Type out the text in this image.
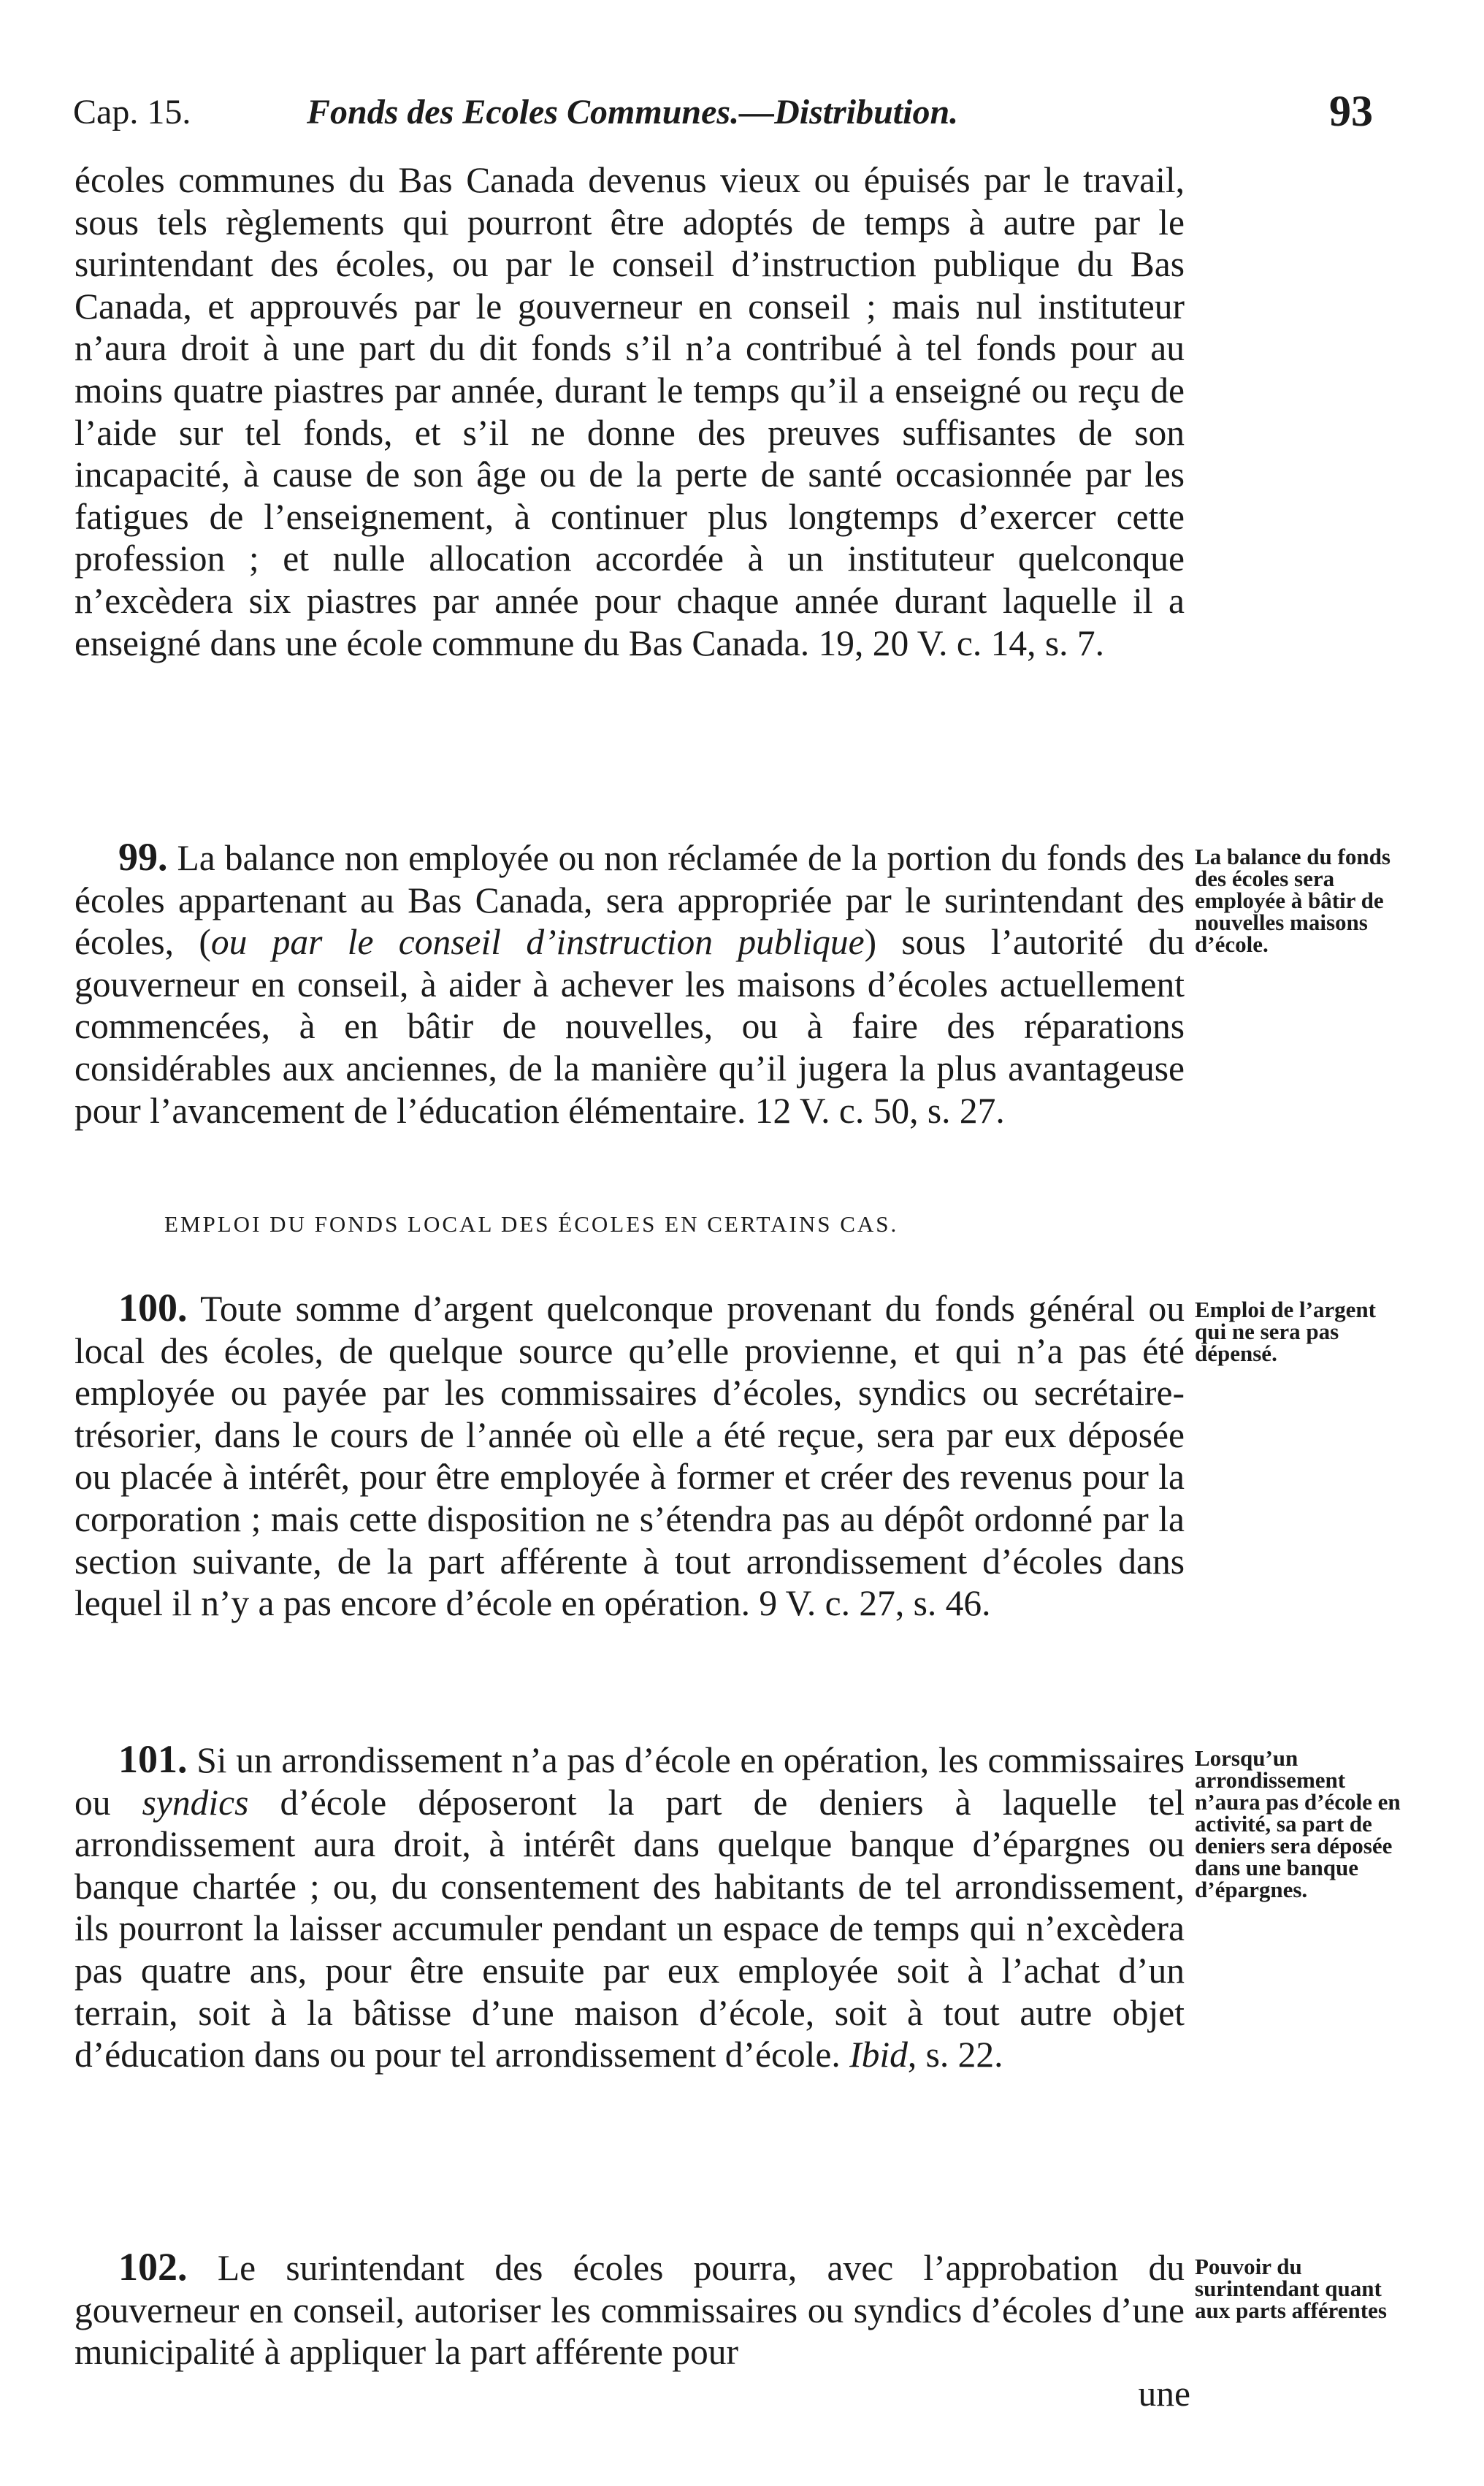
Cap. 15.	Fonds des Ecoles Communes.—Distribution.	93

écoles communes du Bas Canada devenus vieux ou épuisés par le travail, sous tels règlements qui pourront être adoptés de temps à autre par le surintendant des écoles, ou par le conseil d’instruction publique du Bas Canada, et approuvés par le gouverneur en conseil ; mais nul instituteur n’aura droit à une part du dit fonds s’il n’a contribué à tel fonds pour au moins quatre piastres par année, durant le temps qu’il a enseigné ou reçu de l’aide sur tel fonds, et s’il ne donne des preuves suffisantes de son incapacité, à cause de son âge ou de la perte de santé occasionnée par les fatigues de l’enseignement, à continuer plus longtemps d’exercer cette profession ; et nulle allocation accordée à un instituteur quelconque n’excèdera six piastres par année pour chaque année durant laquelle il a enseigné dans une école commune du Bas Canada. 19, 20 V. c. 14, s. 7.

99. La balance non employée ou non réclamée de la portion du fonds des écoles appartenant au Bas Canada, sera appropriée par le surintendant des écoles, (ou par le conseil d’instruction publique) sous l’autorité du gouverneur en conseil, à aider à achever les maisons d’écoles actuellement commencées, à en bâtir de nouvelles, ou à faire des réparations considérables aux anciennes, de la manière qu’il jugera la plus avantageuse pour l’avancement de l’éducation élémentaire. 12 V. c. 50, s. 27.

La balance du fonds des écoles sera employée à bâtir de nouvelles maisons d’école.
EMPLOI DU FONDS LOCAL DES ÉCOLES EN CERTAINS CAS.

100. Toute somme d’argent quelconque provenant du fonds général ou local des écoles, de quelque source qu’elle provienne, et qui n’a pas été employée ou payée par les commissaires d’écoles, syndics ou secrétaire-trésorier, dans le cours de l’année où elle a été reçue, sera par eux déposée ou placée à intérêt, pour être employée à former et créer des revenus pour la corporation ; mais cette disposition ne s’étendra pas au dépôt ordonné par la section suivante, de la part afférente à tout arrondissement d’écoles dans lequel il n’y a pas encore d’école en opération. 9 V. c. 27, s. 46.

Emploi de l’argent qui ne sera pas dépensé.

101. Si un arrondissement n’a pas d’école en opération, les commissaires ou syndics d’école déposeront la part de deniers à laquelle tel arrondissement aura droit, à intérêt dans quelque banque d’épargnes ou banque chartée ; ou, du consentement des habitants de tel arrondissement, ils pourront la laisser accumuler pendant un espace de temps qui n’excèdera pas quatre ans, pour être ensuite par eux employée soit à l’achat d’un terrain, soit à la bâtisse d’une maison d’école, soit à tout autre objet d’éducation dans ou pour tel arrondissement d’école. Ibid, s. 22.

Lorsqu’un arrondissement n’aura pas d’école en activité, sa part de deniers sera déposée dans une banque d’épargnes.

102. Le surintendant des écoles pourra, avec l’approbation du gouverneur en conseil, autoriser les commissaires ou syndics d’écoles d’une municipalité à appliquer la part afférente pour

Pouvoir du surintendant quant aux parts afférentes
une
